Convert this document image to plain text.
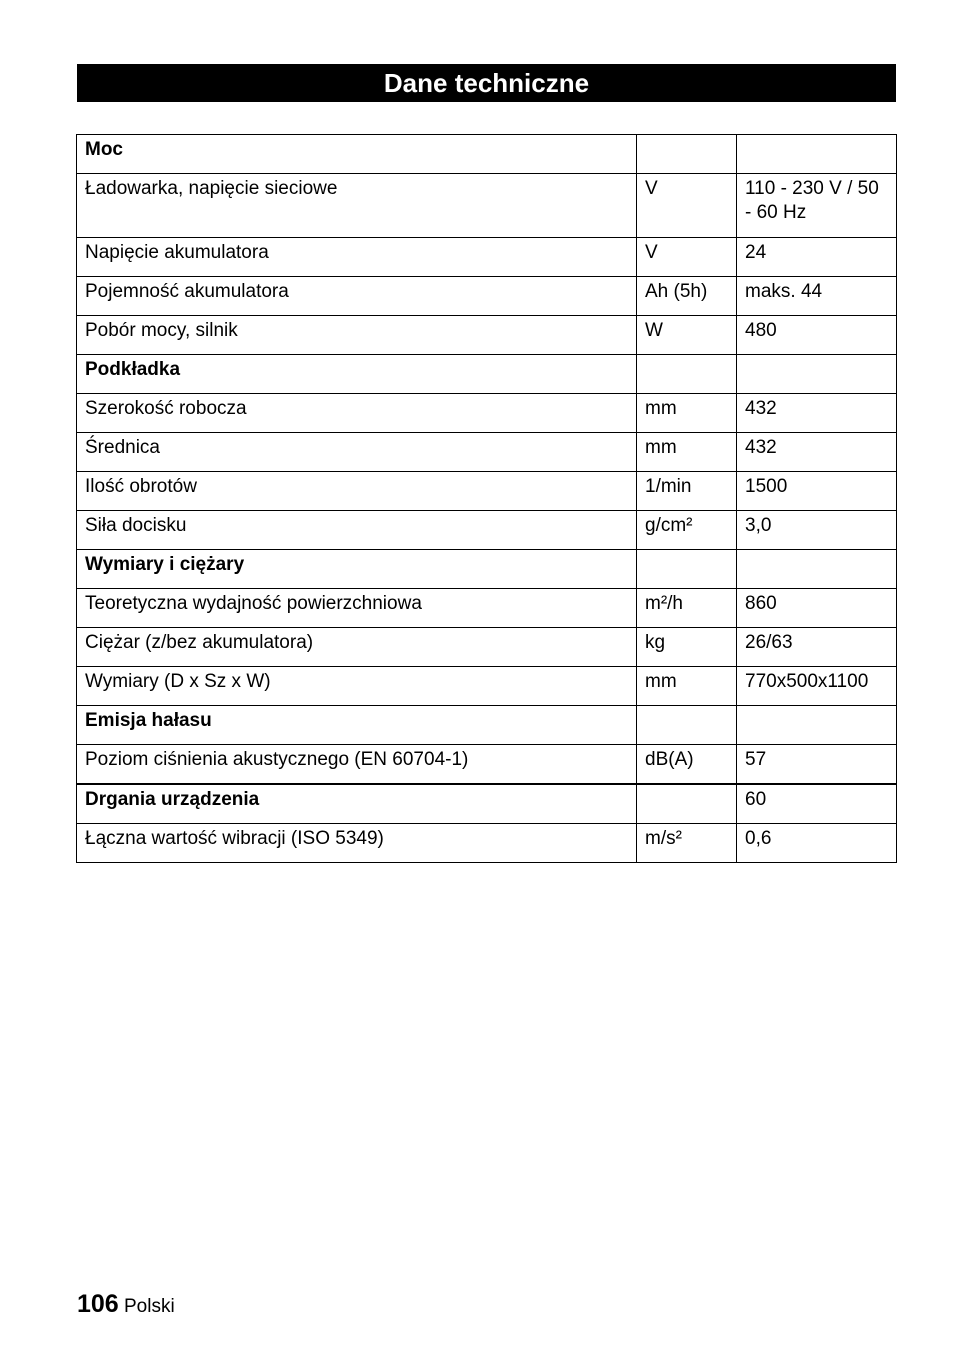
Dane techniczne
Moc		
Ładowarka, napięcie sieciowe	V	110 - 230 V / 50 - 60 Hz
Napięcie akumulatora	V	24
Pojemność akumulatora	Ah (5h)	maks. 44
Pobór mocy, silnik	W	480
Podkładka		
Szerokość robocza	mm	432
Średnica	mm	432
Ilość obrotów	1/min	1500
Siła docisku	g/cm²	3,0
Wymiary i ciężary		
Teoretyczna wydajność powierzchniowa	m²/h	860
Ciężar (z/bez akumulatora)	kg	26/63
Wymiary (D x Sz x W)	mm	770x500x1100
Emisja hałasu		
Poziom ciśnienia akustycznego (EN 60704-1)	dB(A)	57
Drgania urządzenia		60
Łączna wartość wibracji (ISO 5349)	m/s²	0,6
106 Polski
